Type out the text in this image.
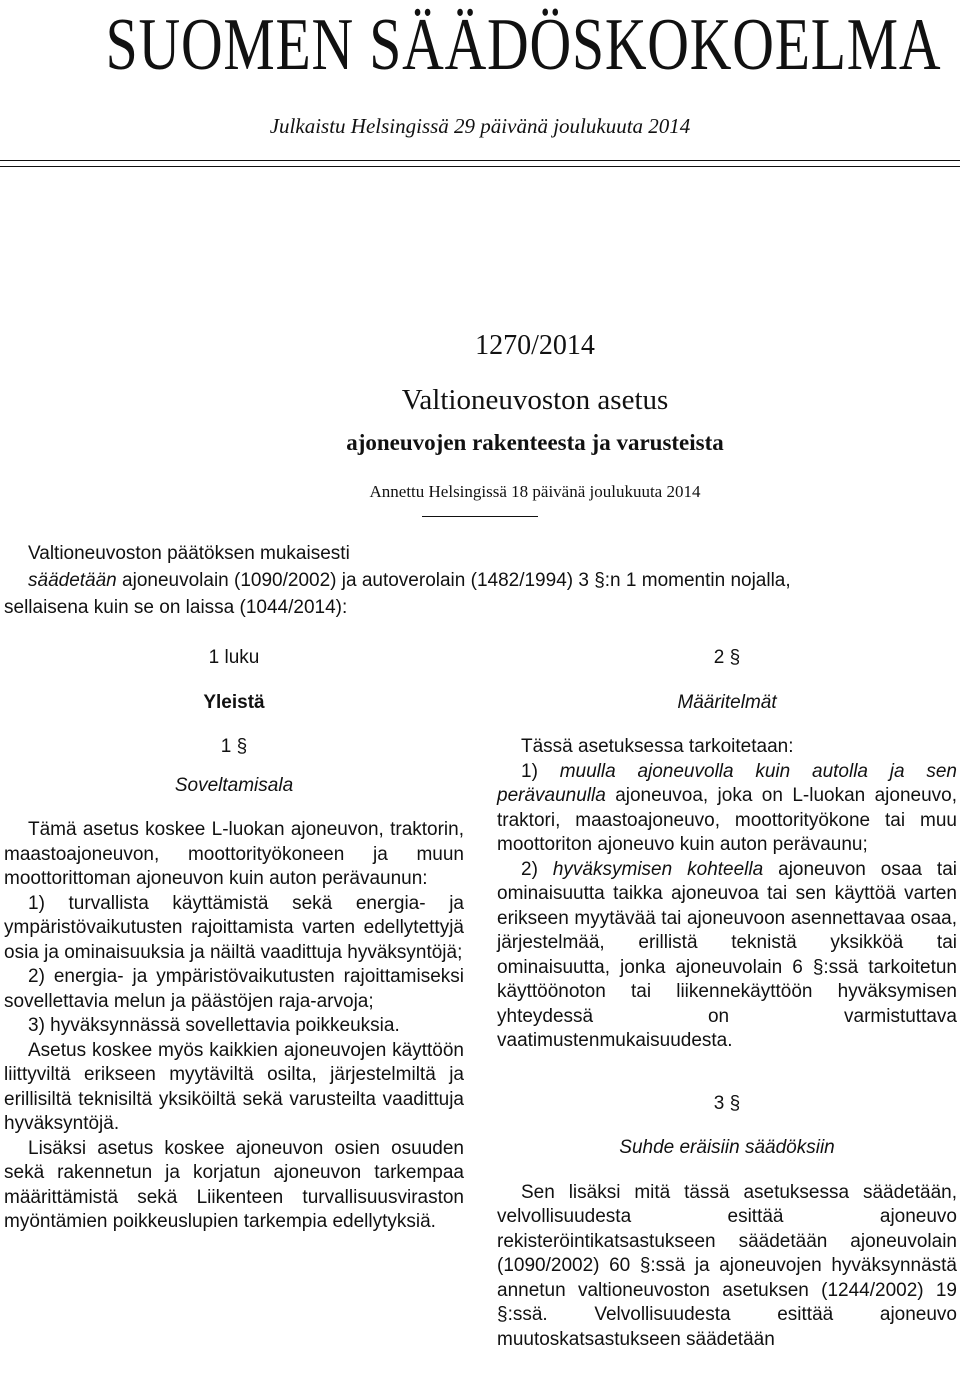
SUOMEN SÄÄDÖSKOKOELMA
Julkaistu Helsingissä 29 päivänä joulukuuta 2014
1270/2014
Valtioneuvoston asetus
ajoneuvojen rakenteesta ja varusteista
Annettu Helsingissä 18 päivänä joulukuuta 2014
Valtioneuvoston päätöksen mukaisesti
säädetään ajoneuvolain (1090/2002) ja autoverolain (1482/1994) 3 §:n 1 momentin nojalla,
sellaisena kuin se on laissa (1044/2014):

1 luku

Yleistä

1 §

Soveltamisala

Tämä asetus koskee L-luokan ajoneuvon, traktorin, maastoajoneuvon, moottorityökoneen ja muun moottorittoman ajoneuvon kuin auton perävaunun:

1) turvallista käyttämistä sekä energia- ja ympäristövaikutusten rajoittamista varten edellytettyjä osia ja ominaisuuksia ja näiltä vaadittuja hyväksyntöjä;

2) energia- ja ympäristövaikutusten rajoittamiseksi sovellettavia melun ja päästöjen raja-arvoja;

3) hyväksynnässä sovellettavia poikkeuksia.

Asetus koskee myös kaikkien ajoneuvojen käyttöön liittyviltä erikseen myytäviltä osilta, järjestelmiltä ja erillisiltä teknisiltä yksiköiltä sekä varusteilta vaadittuja hyväksyntöjä.

Lisäksi asetus koskee ajoneuvon osien osuuden sekä rakennetun ja korjatun ajoneuvon tarkempaa määrittämistä sekä Liikenteen turvallisuusviraston myöntämien poikkeuslupien tarkempia edellytyksiä.

2 §

Määritelmät

Tässä asetuksessa tarkoitetaan:

1) muulla ajoneuvolla kuin autolla ja sen perävaunulla ajoneuvoa, joka on L-luokan ajoneuvo, traktori, maastoajoneuvo, moottorityökone tai muu moottoriton ajoneuvo kuin auton perävaunu;

2) hyväksymisen kohteella ajoneuvon osaa tai ominaisuutta taikka ajoneuvoa tai sen käyttöä varten erikseen myytävää tai ajoneuvoon asennettavaa osaa, järjestelmää, erillistä teknistä yksikköä tai ominaisuutta, jonka ajoneuvolain 6 §:ssä tarkoitetun käyttöönoton tai liikennekäyttöön hyväksymisen yhteydessä on varmistuttava vaatimustenmukaisuudesta.

3 §

Suhde eräisiin säädöksiin

Sen lisäksi mitä tässä asetuksessa säädetään, velvollisuudesta esittää ajoneuvo rekisteröintikatsastukseen säädetään ajoneuvolain (1090/2002) 60 §:ssä ja ajoneuvojen hyväksynnästä annetun valtioneuvoston asetuksen (1244/2002) 19 §:ssä. Velvollisuudesta esittää ajoneuvo muutoskatsastukseen säädetään
